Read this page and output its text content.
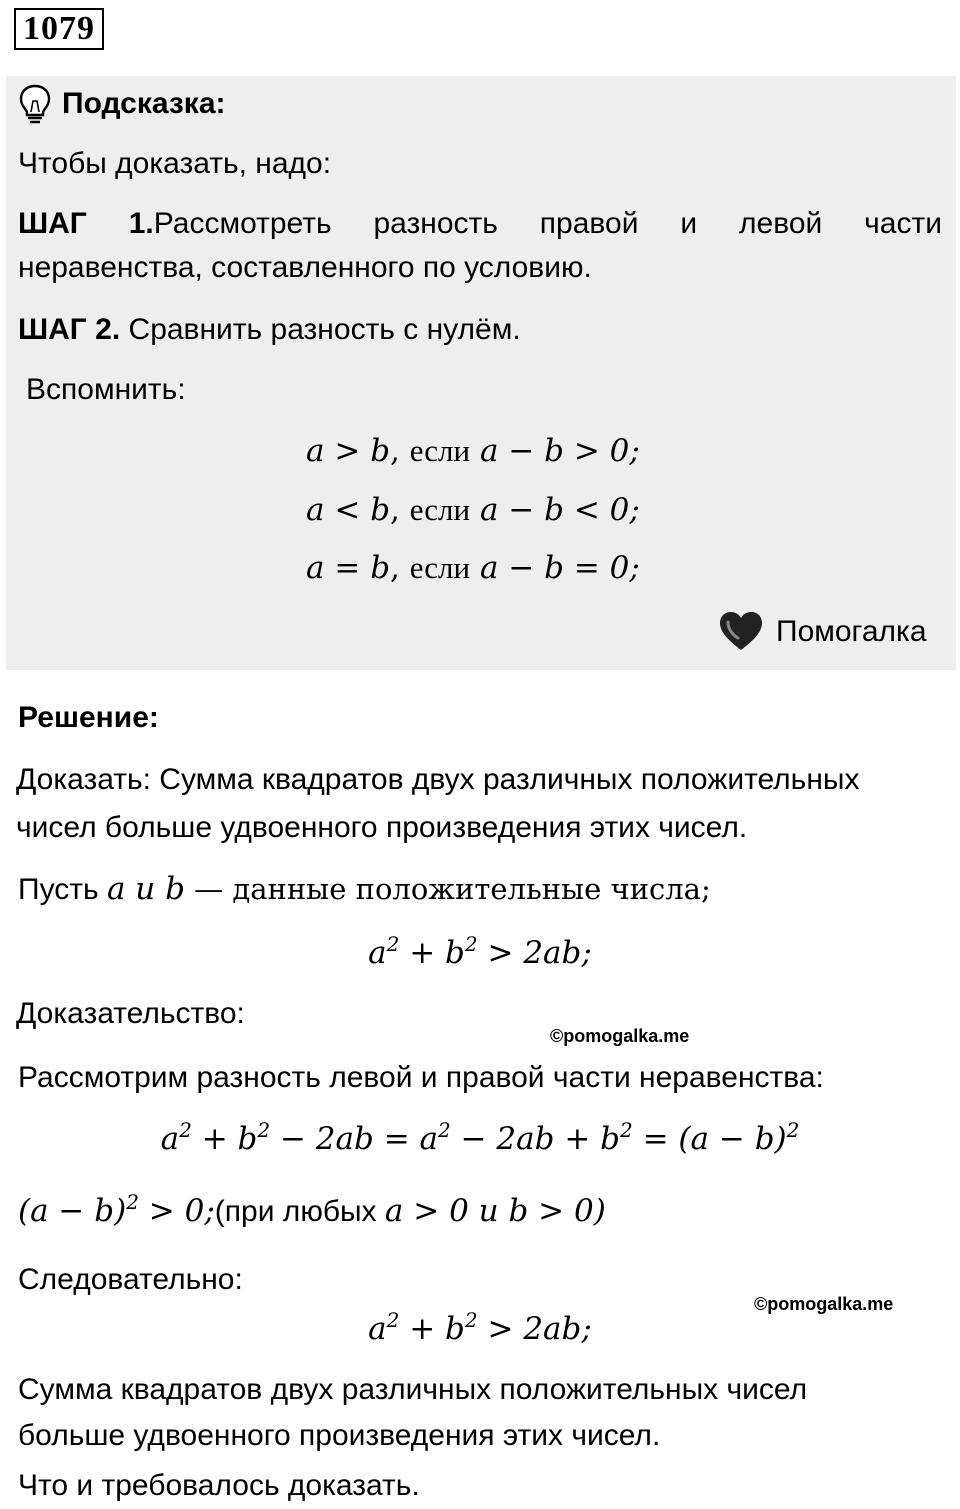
1079
Подсказка:
Чтобы доказать, надо:
ШАГ 1.Рассмотреть разность правой и левой части
неравенства, составленного по условию.
ШАГ 2. Сравнить разность с нулём.
Вспомнить:
a > b, если a − b > 0;
a < b, если a − b < 0;
a = b, если a − b = 0;
Помогалка
Решение:
Доказать: Сумма квадратов двух различных положительных
чисел больше удвоенного произведения этих чисел.
Пусть a и b — данные положительные числа;
$a^2 + b^2 > 2ab$;
Доказательство:
©pomogalka.me
Рассмотрим разность левой и правой части неравенства:
$a^2 + b^2 - 2ab = a^2 - 2ab + b^2 = (a - b)^2$
$(a - b)^2$ > 0;(при любых a > 0 и b > 0)
Следовательно:
©pomogalka.me
$a^2 + b^2 > 2ab$;
Сумма квадратов двух различных положительных чисел
больше удвоенного произведения этих чисел.
Что и требовалось доказать.
